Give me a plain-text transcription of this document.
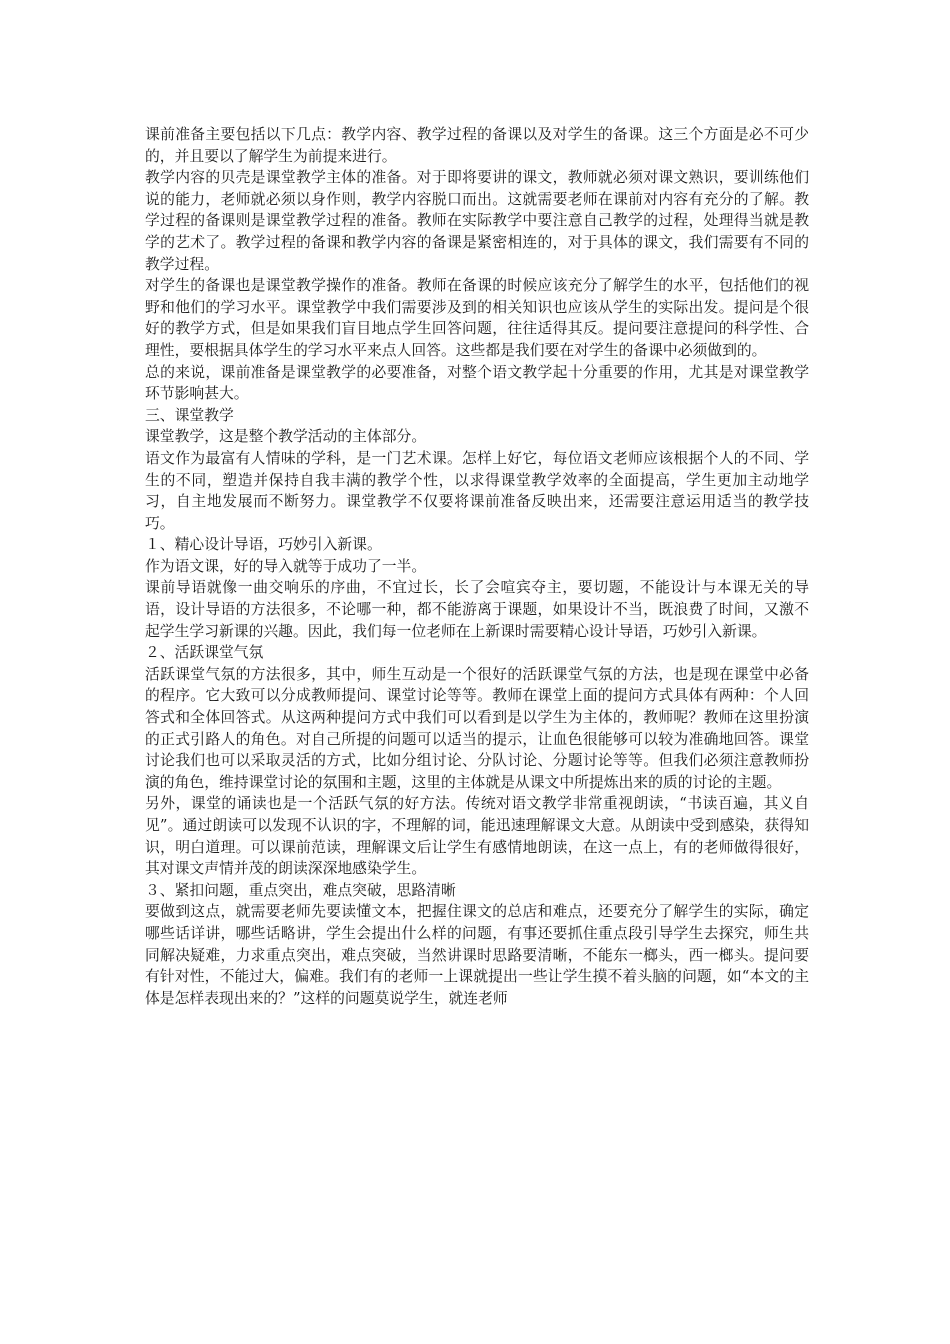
课前准备主要包括以下几点：教学内容、教学过程的备课以及对学生的备课。这三个方面是必不可少的，并且要以了解学生为前提来进行。

教学内容的贝壳是课堂教学主体的准备。对于即将要讲的课文，教师就必须对课文熟识，要训练他们说的能力，老师就必须以身作则，教学内容脱口而出。这就需要老师在课前对内容有充分的了解。教学过程的备课则是课堂教学过程的准备。教师在实际教学中要注意自己教学的过程，处理得当就是教学的艺术了。教学过程的备课和教学内容的备课是紧密相连的，对于具体的课文，我们需要有不同的教学过程。

对学生的备课也是课堂教学操作的准备。教师在备课的时候应该充分了解学生的水平，包括他们的视野和他们的学习水平。课堂教学中我们需要涉及到的相关知识也应该从学生的实际出发。提问是个很好的教学方式，但是如果我们盲目地点学生回答问题，往往适得其反。提问要注意提问的科学性、合理性，要根据具体学生的学习水平来点人回答。这些都是我们要在对学生的备课中必须做到的。

总的来说，课前准备是课堂教学的必要准备，对整个语文教学起十分重要的作用，尤其是对课堂教学环节影响甚大。

三、课堂教学

课堂教学，这是整个教学活动的主体部分。

语文作为最富有人情味的学科，是一门艺术课。怎样上好它，每位语文老师应该根据个人的不同、学生的不同，塑造并保持自我丰满的教学个性，以求得课堂教学效率的全面提高，学生更加主动地学习，自主地发展而不断努力。课堂教学不仅要将课前准备反映出来，还需要注意运用适当的教学技巧。

１、精心设计导语，巧妙引入新课。

作为语文课，好的导入就等于成功了一半。

课前导语就像一曲交响乐的序曲，不宜过长，长了会喧宾夺主，要切题，不能设计与本课无关的导语，设计导语的方法很多，不论哪一种，都不能游离于课题，如果设计不当，既浪费了时间，又激不起学生学习新课的兴趣。因此，我们每一位老师在上新课时需要精心设计导语，巧妙引入新课。

２、活跃课堂气氛

活跃课堂气氛的方法很多，其中，师生互动是一个很好的活跃课堂气氛的方法，也是现在课堂中必备的程序。它大致可以分成教师提问、课堂讨论等等。教师在课堂上面的提问方式具体有两种：个人回答式和全体回答式。从这两种提问方式中我们可以看到是以学生为主体的，教师呢？教师在这里扮演的正式引路人的角色。对自己所提的问题可以适当的提示，让血色很能够可以较为准确地回答。课堂讨论我们也可以采取灵活的方式，比如分组讨论、分队讨论、分题讨论等等。但我们必须注意教师扮演的角色，维持课堂讨论的氛围和主题，这里的主体就是从课文中所提炼出来的质的讨论的主题。

另外，课堂的诵读也是一个活跃气氛的好方法。传统对语文教学非常重视朗读，“书读百遍，其义自见”。通过朗读可以发现不认识的字，不理解的词，能迅速理解课文大意。从朗读中受到感染，获得知识，明白道理。可以课前范读，理解课文后让学生有感情地朗读，在这一点上，有的老师做得很好，其对课文声情并茂的朗读深深地感染学生。

３、紧扣问题，重点突出，难点突破，思路清晰

要做到这点，就需要老师先要读懂文本，把握住课文的总店和难点，还要充分了解学生的实际，确定哪些话详讲，哪些话略讲，学生会提出什么样的问题，有事还要抓住重点段引导学生去探究，师生共同解决疑难，力求重点突出，难点突破，当然讲课时思路要清晰，不能东一榔头，西一榔头。提问要有针对性，不能过大，偏难。我们有的老师一上课就提出一些让学生摸不着头脑的问题，如“本文的主体是怎样表现出来的？”这样的问题莫说学生，就连老师
